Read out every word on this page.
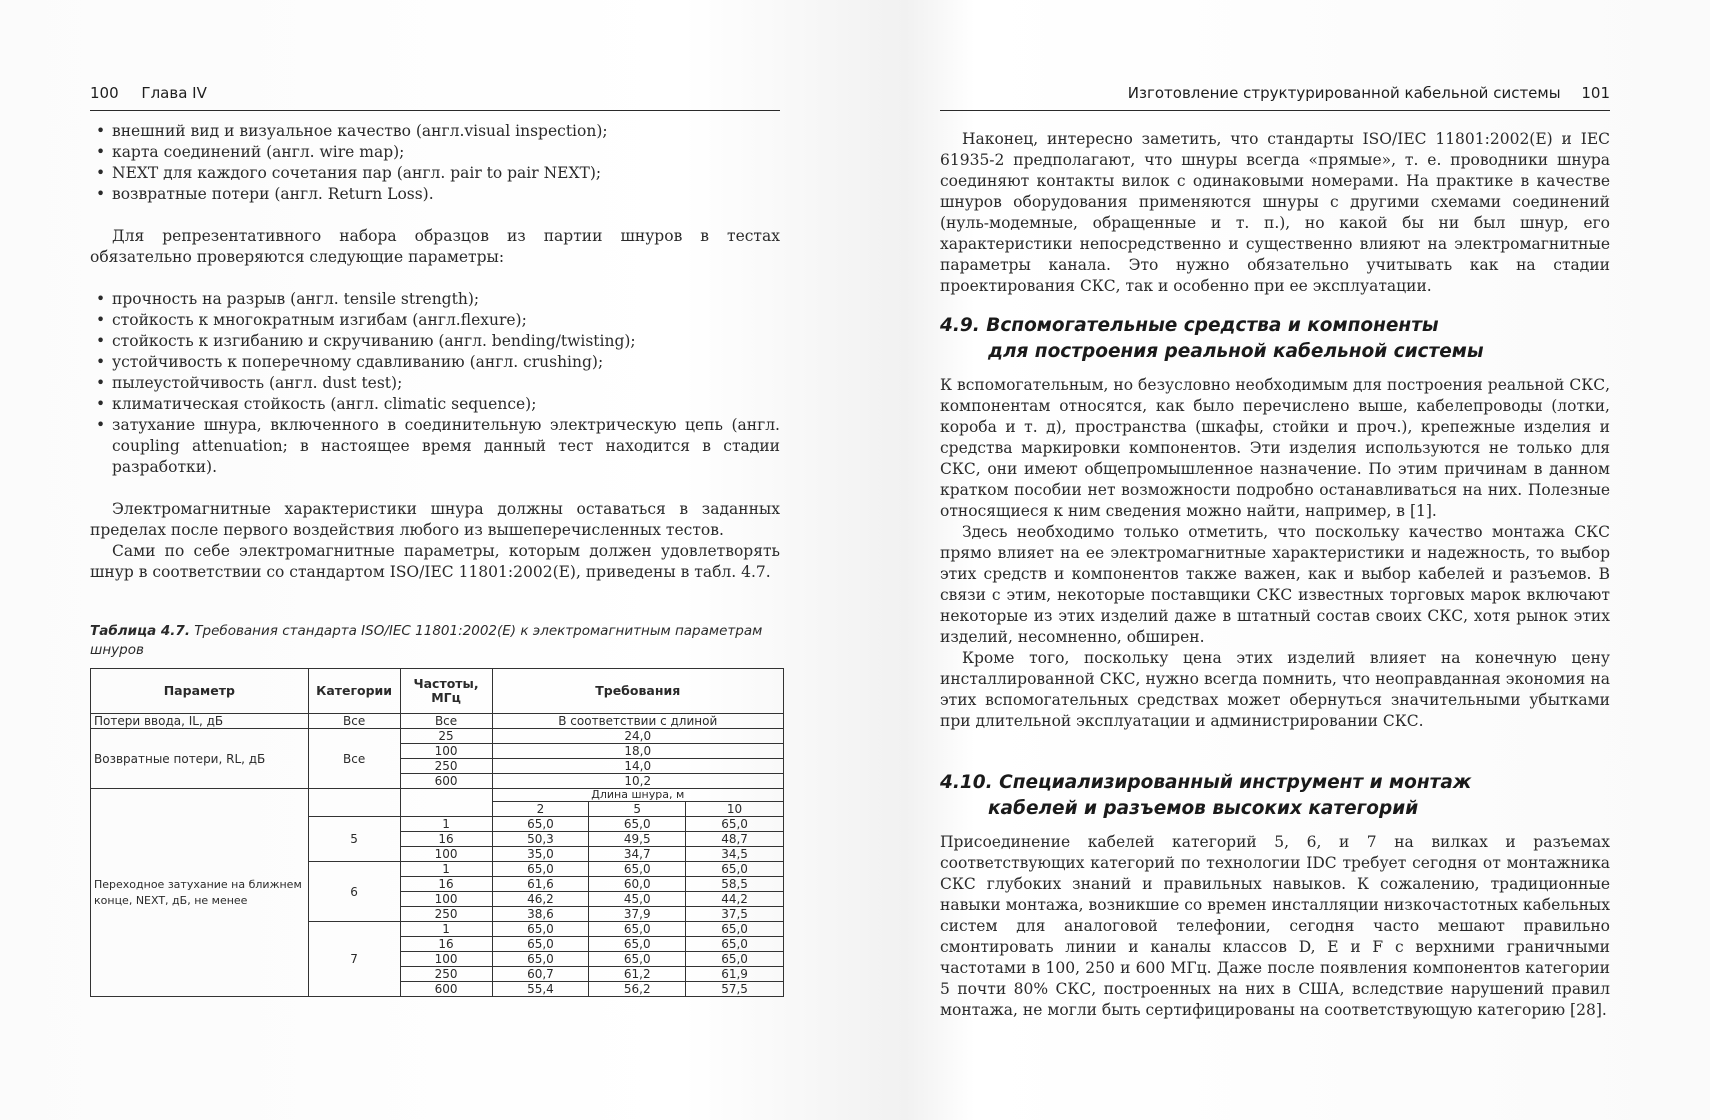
100 Глава IV
• внешний вид и визуальное качество (англ.visual inspection);
• карта соединений (англ. wire map);
• NEXT для каждого сочетания пар (англ. pair to pair NEXT);
• возвратные потери (англ. Return Loss).

Для репрезентативного набора образцов из партии шнуров в тестах обязательно проверяются следующие параметры:

• прочность на разрыв (англ. tensile strength);
• стойкость к многократным изгибам (англ.flexure);
• стойкость к изгибанию и скручиванию (англ. bending/twisting);
• устойчивость к поперечному сдавливанию (англ. crushing);
• пылеустойчивость (англ. dust test);
• климатическая стойкость (англ. climatic sequence);
• затухание шнура, включенного в соединительную электрическую цепь (англ. coupling attenuation; в настоящее время данный тест находится в стадии разработки).

Электромагнитные характеристики шнура должны оставаться в заданных пределах после первого воздействия любого из вышеперечисленных тестов.

Сами по себе электромагнитные параметры, которым должен удовлетворять шнур в соответствии со стандартом ISO/IEC 11801:2002(E), приведены в табл. 4.7.

Таблица 4.7. Требования стандарта ISO/IEC 11801:2002(E) к электромагнитным параметрам шнуров
Параметр	Категории	Частоты, МГц	Требования		
Потери ввода, IL, дБ	Все	Все	В соответствии с длиной		
Возвратные потери, RL, дБ	Все	25	24,0		
		100	18,0		
		250	14,0		
		600	10,2		
Переходное затухание на ближнем конце, NEXT, дБ, не менее			Длина шнура, м		
			2	5	10
	5	1	65,0	65,0	65,0
		16	50,3	49,5	48,7
		100	35,0	34,7	34,5
	6	1	65,0	65,0	65,0
		16	61,6	60,0	58,5
		100	46,2	45,0	44,2
		250	38,6	37,9	37,5
	7	1	65,0	65,0	65,0
		16	65,0	65,0	65,0
		100	65,0	65,0	65,0
		250	60,7	61,2	61,9
		600	55,4	56,2	57,5
Изготовление структурированной кабельной системы 101

Наконец, интересно заметить, что стандарты ISO/IEC 11801:2002(E) и IEC 61935-2 предполагают, что шнуры всегда «прямые», т. е. проводники шнура соединяют контакты вилок с одинаковыми номерами. На практике в качестве шнуров оборудования применяются шнуры с другими схемами соединений (нуль-модемные, обращенные и т. п.), но какой бы ни был шнур, его характеристики непосредственно и существенно влияют на электромагнитные параметры канала. Это нужно обязательно учитывать как на стадии проектирования СКС, так и особенно при ее эксплуатации.

4.9. Вспомогательные средства и компоненты
для построения реальной кабельной системы

К вспомогательным, но безусловно необходимым для построения реальной СКС, компонентам относятся, как было перечислено выше, кабелепроводы (лотки, короба и т. д), пространства (шкафы, стойки и проч.), крепежные изделия и средства маркировки компонентов. Эти изделия используются не только для СКС, они имеют общепромышленное назначение. По этим причинам в данном кратком пособии нет возможности подробно останавливаться на них. Полезные относящиеся к ним сведения можно найти, например, в [1].

Здесь необходимо только отметить, что поскольку качество монтажа СКС прямо влияет на ее электромагнитные характеристики и надежность, то выбор этих средств и компонентов также важен, как и выбор кабелей и разъемов. В связи с этим, некоторые поставщики СКС известных торговых марок включают некоторые из этих изделий даже в штатный состав своих СКС, хотя рынок этих изделий, несомненно, обширен.

Кроме того, поскольку цена этих изделий влияет на конечную цену инсталлированной СКС, нужно всегда помнить, что неоправданная экономия на этих вспомогательных средствах может обернуться значительными убытками при длительной эксплуатации и администрировании СКС.

4.10. Специализированный инструмент и монтаж
кабелей и разъемов высоких категорий

Присоединение кабелей категорий 5, 6, и 7 на вилках и разъемах соответствующих категорий по технологии IDC требует сегодня от монтажника СКС глубоких знаний и правильных навыков. К сожалению, традиционные навыки монтажа, возникшие со времен инсталляции низкочастотных кабельных систем для аналоговой телефонии, сегодня часто мешают правильно смонтировать линии и каналы классов D, E и F с верхними граничными частотами в 100, 250 и 600 МГц. Даже после появления компонентов категории 5 почти 80% СКС, построенных на них в США, вследствие нарушений правил монтажа, не могли быть сертифицированы на соответствующую категорию [28].
